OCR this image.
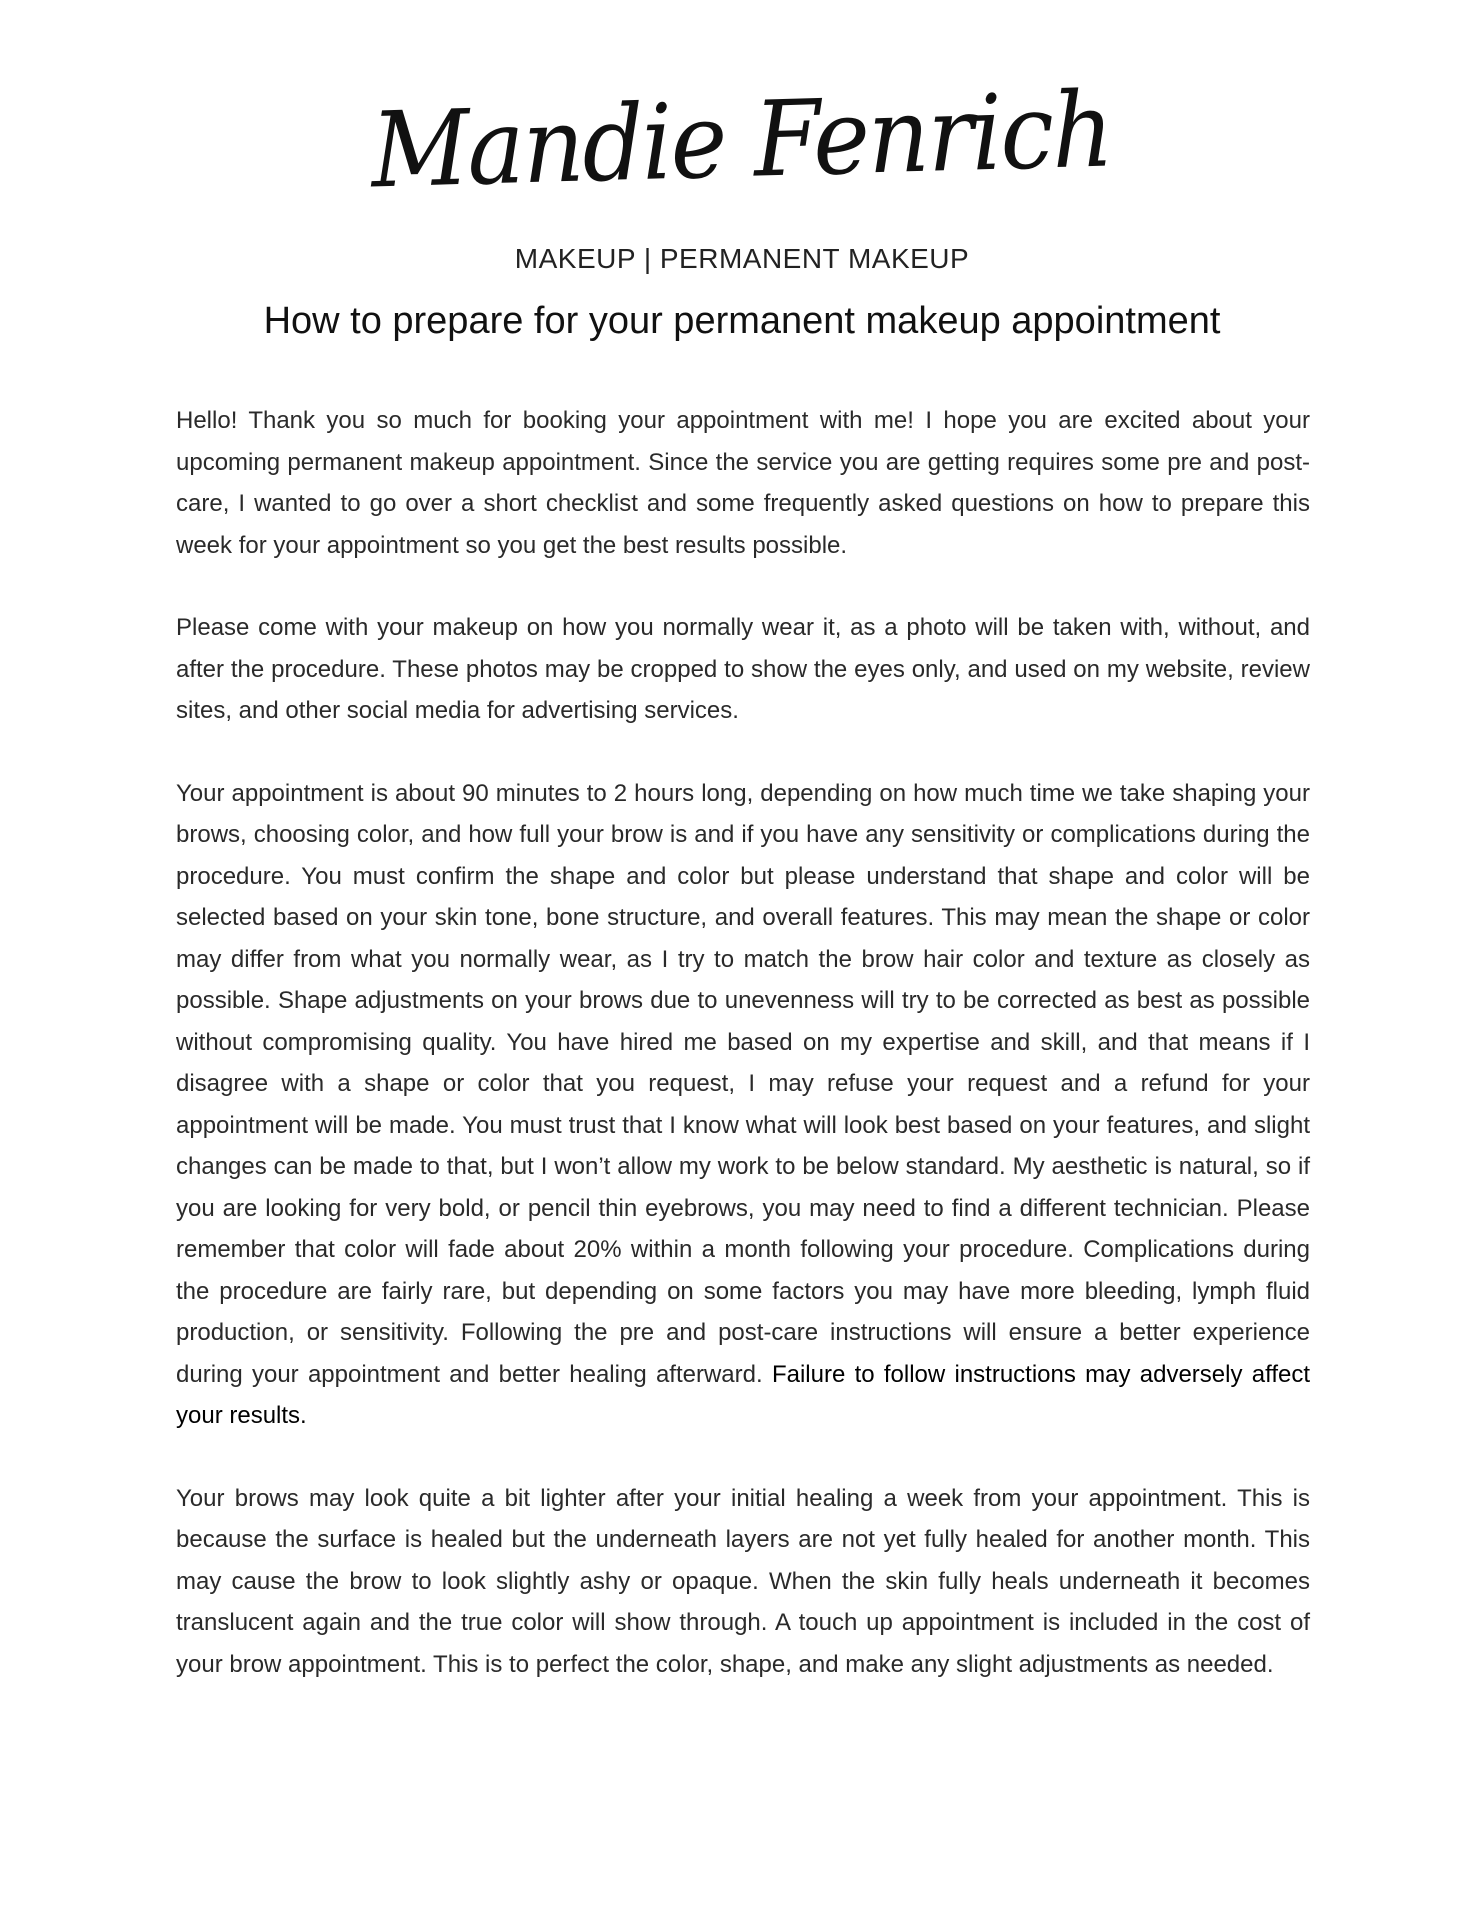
Mandie Fenrich
MAKEUP | PERMANENT MAKEUP
How to prepare for your permanent makeup appointment

Hello! Thank you so much for booking your appointment with me! I hope you are excited about your upcoming permanent makeup appointment. Since the service you are getting requires some pre and post-care, I wanted to go over a short checklist and some frequently asked questions on how to prepare this week for your appointment so you get the best results possible.

Please come with your makeup on how you normally wear it, as a photo will be taken with, without, and after the procedure. These photos may be cropped to show the eyes only, and used on my website, review sites, and other social media for advertising services.

Your appointment is about 90 minutes to 2 hours long, depending on how much time we take shaping your brows, choosing color, and how full your brow is and if you have any sensitivity or complications during the procedure. You must confirm the shape and color but please understand that shape and color will be selected based on your skin tone, bone structure, and overall features. This may mean the shape or color may differ from what you normally wear, as I try to match the brow hair color and texture as closely as possible. Shape adjustments on your brows due to unevenness will try to be corrected as best as possible without compromising quality. You have hired me based on my expertise and skill, and that means if I disagree with a shape or color that you request, I may refuse your request and a refund for your appointment will be made. You must trust that I know what will look best based on your features, and slight changes can be made to that, but I won’t allow my work to be below standard. My aesthetic is natural, so if you are looking for very bold, or pencil thin eyebrows, you may need to find a different technician. Please remember that color will fade about 20% within a month following your procedure. Complications during the procedure are fairly rare, but depending on some factors you may have more bleeding, lymph fluid production, or sensitivity. Following the pre and post-care instructions will ensure a better experience during your appointment and better healing afterward. Failure to follow instructions may adversely affect your results.

Your brows may look quite a bit lighter after your initial healing a week from your appointment. This is because the surface is healed but the underneath layers are not yet fully healed for another month. This may cause the brow to look slightly ashy or opaque. When the skin fully heals underneath it becomes translucent again and the true color will show through. A touch up appointment is included in the cost of your brow appointment. This is to perfect the color, shape, and make any slight adjustments as needed.
